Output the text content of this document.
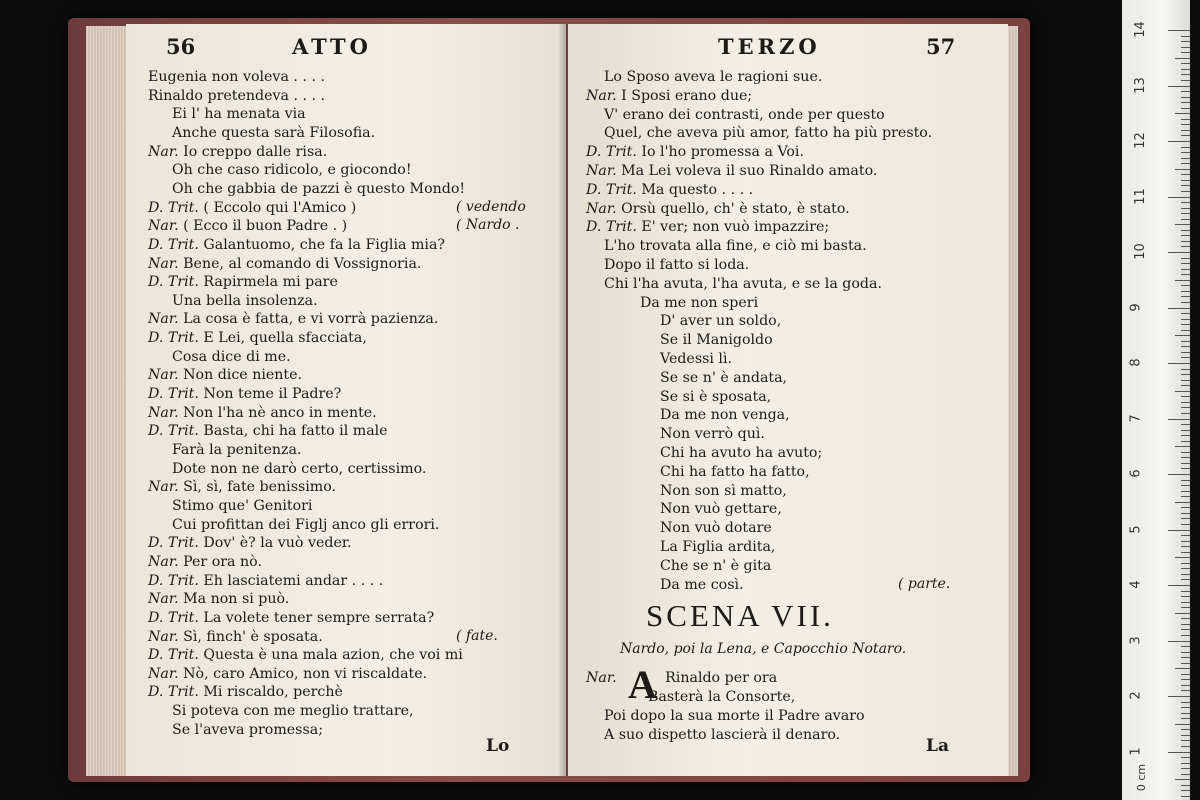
56	ATTO
Eugenia non voleva . . . .
Rinaldo pretendeva . . . .
Ei l' ha menata via
Anche questa sarà Filosofia.
Nar. Io creppo dalle risa.
Oh che caso ridicolo, e giocondo!
Oh che gabbia de pazzi è questo Mondo!
D. Trit. ( Eccolo qui l'Amico )	( vedendo
Nar. ( Ecco il buon Padre . )	( Nardo .
D. Trit. Galantuomo, che fa la Figlia mia?
Nar. Bene, al comando di Vossignoria.
D. Trit. Rapirmela mi pare
Una bella insolenza.
Nar. La cosa è fatta, e vi vorrà pazienza.
D. Trit. E Lei, quella sfacciata,
Cosa dice di me.
Nar. Non dice niente.
D. Trit. Non teme il Padre?
Nar. Non l'ha nè anco in mente.
D. Trit. Basta, chi ha fatto il male
Farà la penitenza.
Dote non ne darò certo, certissimo.
Nar. Sì, sì, fate benissimo.
Stimo que' Genitori
Cui profittan dei Figlj anco gli errori.
D. Trit. Dov' è? la vuò veder.
Nar. Per ora nò.
D. Trit. Eh lasciatemi andar . . . .
Nar. Ma non si può.
D. Trit. La volete tener sempre serrata?
Nar. Sì, finch' è sposata.	( fate.
D. Trit. Questa è una mala azion, che voi mi
Nar. Nò, caro Amico, non vi riscaldate.
D. Trit. Mi riscaldo, perchè
Si poteva con me meglio trattare,
Se l'aveva promessa;
Lo
TERZO	57
Lo Sposo aveva le ragioni sue.
Nar. I Sposi erano due;
V' erano dei contrasti, onde per questo
Quel, che aveva più amor, fatto ha più presto.
D. Trit. Io l'ho promessa a Voi.
Nar. Ma Lei voleva il suo Rinaldo amato.
D. Trit. Ma questo . . . .
Nar. Orsù quello, ch' è stato, è stato.
D. Trit. E' ver; non vuò impazzire;
L'ho trovata alla fine, e ciò mi basta.
Dopo il fatto si loda.
Chi l'ha avuta, l'ha avuta, e se la goda.
Da me non speri
D' aver un soldo,
Se il Manigoldo
Vedessi lì.
Se se n' è andata,
Se si è sposata,
Da me non venga,
Non verrò quì.
Chi ha avuto ha avuto;
Chi ha fatto ha fatto,
Non son sì matto,
Non vuò gettare,
Non vuò dotare
La Figlia ardita,
Che se n' è gita
Da me così.	( parte.
SCENA VII.
Nardo, poi la Lena, e Capocchio Notaro.
Nar. A Rinaldo per ora
Basterà la Consorte,
Poi dopo la sua morte il Padre avaro
A suo dispetto lascierà il denaro.
La
0 cm
14
13
12
11
10
9
8
7
6
5
4
3
2
1
